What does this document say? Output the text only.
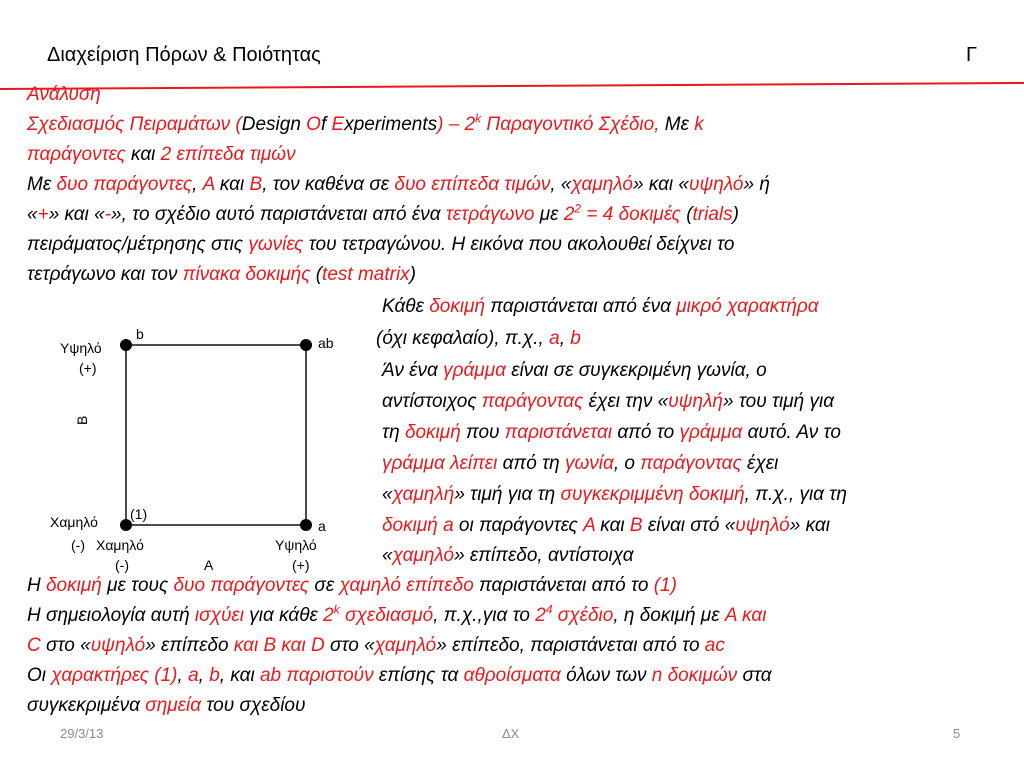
Διαχείριση Πόρων & Ποιότητας	Γ
Ανάλυση
Σχεδιασμός Πειραμάτων (Design Of Experiments) – 2$^k$ Παραγοντικό Σχέδιο, Με k
παράγοντες και 2 επίπεδα τιμών
Με δυο παράγοντες, A και B, τον καθένα σε δυο επίπεδα τιμών, «χαμηλό» και «υψηλό» ή
«+» και «-», το σχέδιο αυτό παριστάνεται από ένα τετράγωνο με $2^2 = 4$ δοκιμές (trials)
πειράματος/μέτρησης στις γωνίες του τετραγώνου. Η εικόνα που ακολουθεί δείχνει το
τετράγωνο και τον πίνακα δοκιμής (test matrix)
Κάθε δοκιμή παριστάνεται από ένα μικρό χαρακτήρα
(όχι κεφαλαίο), π.χ., a, b
Άν ένα γράμμα είναι σε συγκεκριμένη γωνία, ο
αντίστοιχος παράγοντας έχει την «υψηλή» του τιμή για
τη δοκιμή που παριστάνεται από το γράμμα αυτό. Αν το
γράμμα λείπει από τη γωνία, ο παράγοντας έχει
«χαμηλή» τιμή για τη συγκεκριμμένη δοκιμή, π.χ., για τη
δοκιμή a οι παράγοντες A και B είναι στό «υψηλό» και
«χαμηλό» επίπεδο, αντίστοιχα
b
ab
(1)
a
Υψηλό
(+)
B
Χαμηλό
(-) Χαμηλό
(-)	A
Υψηλό
(+)
Η δοκιμή με τους δυο παράγοντες σε χαμηλό επίπεδο παριστάνεται από το (1)
Η σημειολογία αυτή ισχύει για κάθε 2$^k$ σχεδιασμό, π.χ.,για το $2^4$ σχέδιο, η δοκιμή με A και
C στο «υψηλό» επίπεδο και B και D στο «χαμηλό» επίπεδο, παριστάνεται από το ac
Οι χαρακτήρες (1), a, b, και ab παριστούν επίσης τα αθροίσματα όλων των n δοκιμών στα
συγκεκριμένα σημεία του σχεδίου
29/3/13	ΔΧ	5
